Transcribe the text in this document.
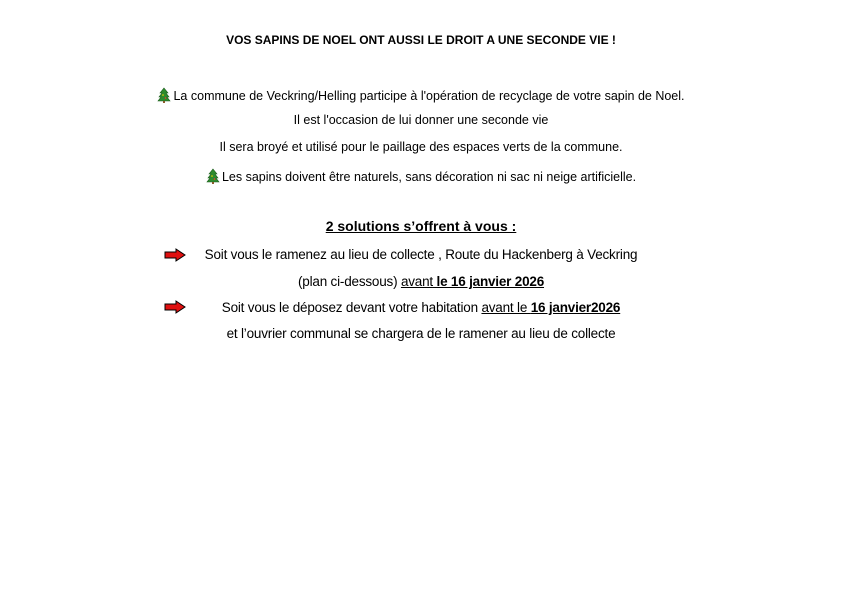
VOS SAPINS DE NOEL ONT AUSSI LE DROIT A UNE SECONDE VIE !
La commune de Veckring/Helling participe à l'opération de recyclage de votre sapin de Noel.
Il est l'occasion de lui donner une seconde vie
Il sera broyé et utilisé pour le paillage des espaces verts de la commune.
Les sapins doivent être naturels, sans décoration ni sac ni neige artificielle.
2 solutions s’offrent à vous :
Soit vous le ramenez au lieu de collecte , Route du Hackenberg à Veckring
(plan ci-dessous) avant le 16 janvier 2026
Soit vous le déposez devant votre habitation avant le 16 janvier2026
et l’ouvrier communal se chargera de le ramener au lieu de collecte
